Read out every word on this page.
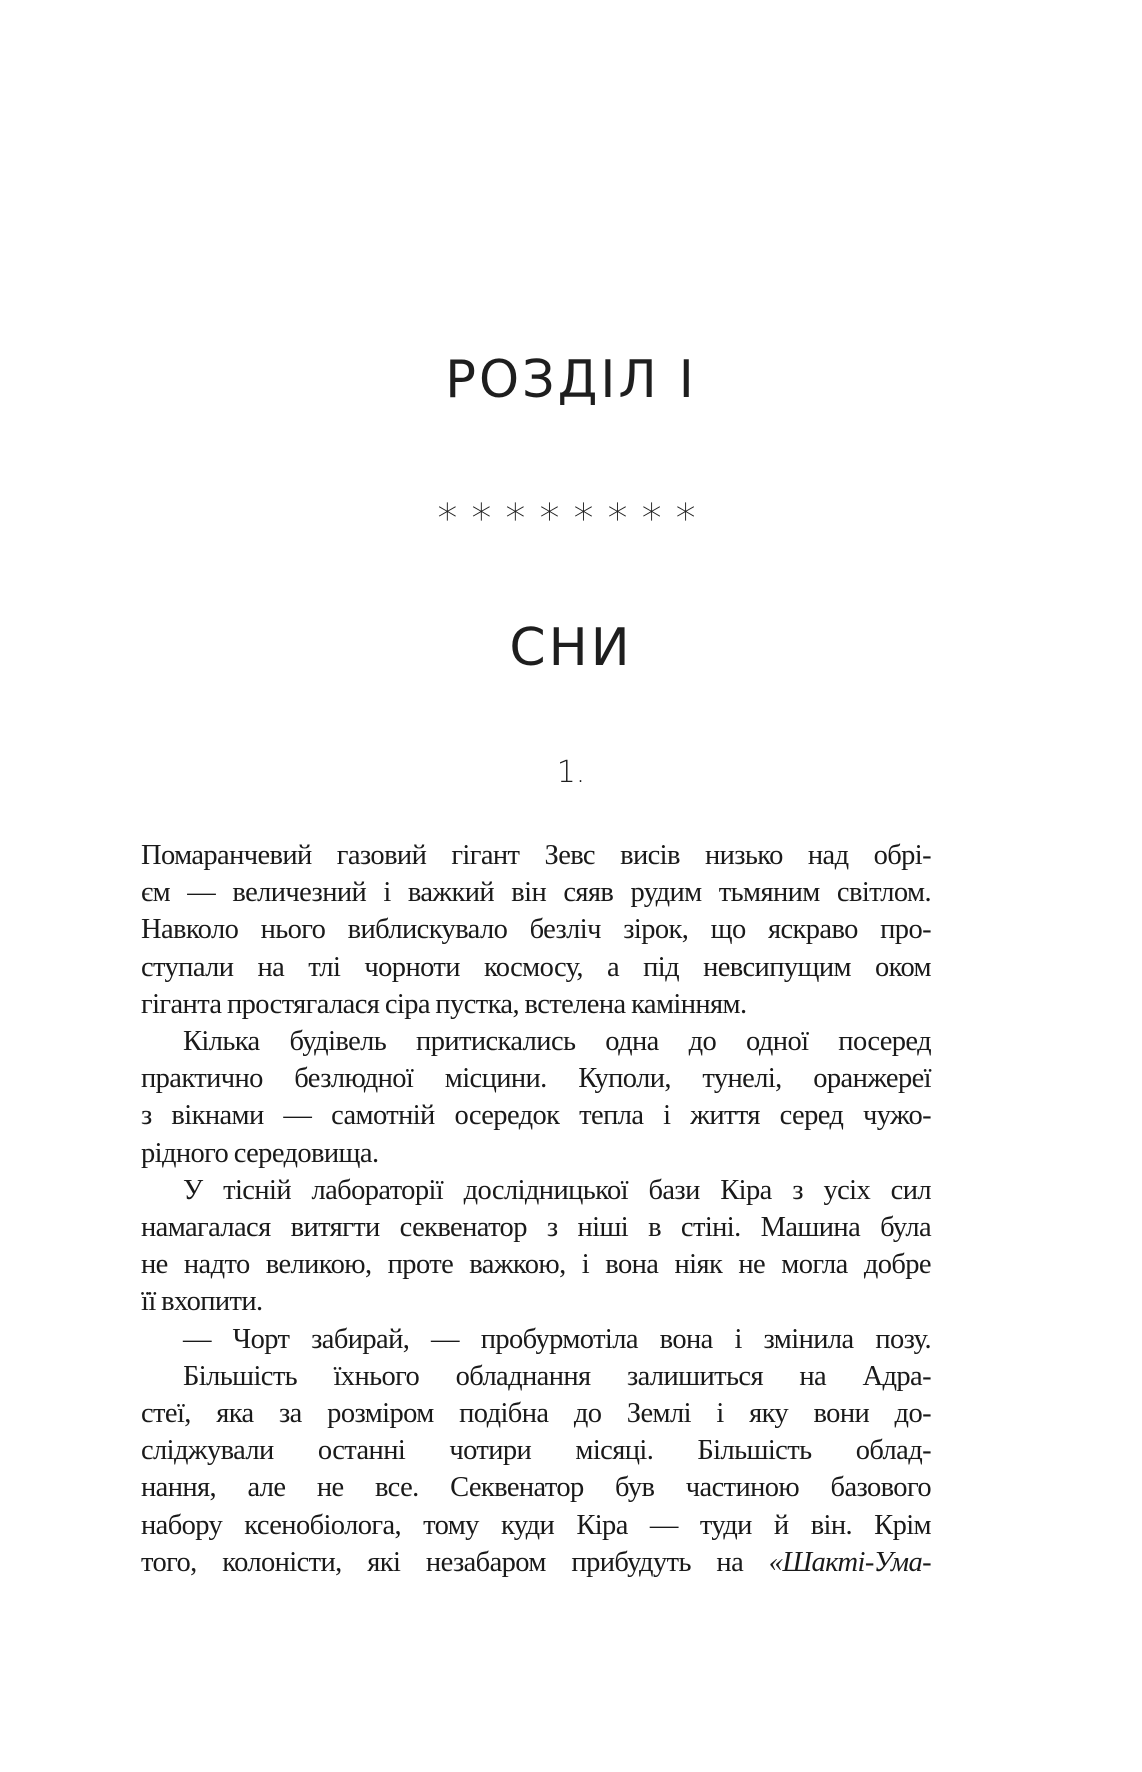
РОЗДІЛ І
∗∗∗∗∗∗∗∗
СНИ
1.
Помаранчевий газовий гігант Зевс висів низько над обрі-
єм — величезний і важкий він сяяв рудим тьмяним світлом.
Навколо нього виблискувало безліч зірок, що яскраво про-
ступали на тлі чорноти космосу, а під невсипущим оком
гіганта простягалася сіра пустка, встелена камінням.
Кілька будівель притискались одна до одної посеред
практично безлюдної місцини. Куполи, тунелі, оранжереї
з вікнами — самотній осередок тепла і життя серед чужо-
рідного середовища.
У тісній лабораторії дослідницької бази Кіра з усіх сил
намагалася витягти секвенатор з ніші в стіні. Машина була
не надто великою, проте важкою, і вона ніяк не могла добре
її вхопити.
— Чорт забирай, — пробурмотіла вона і змінила позу.
Більшість їхнього обладнання залишиться на Адра-
стеї, яка за розміром подібна до Землі і яку вони до-
сліджували останні чотири місяці. Більшість облад-
нання, але не все. Секвенатор був частиною базового
набору ксенобіолога, тому куди Кіра — туди й він. Крім
того, колоністи, які незабаром прибудуть на «Шакті-Ума-
